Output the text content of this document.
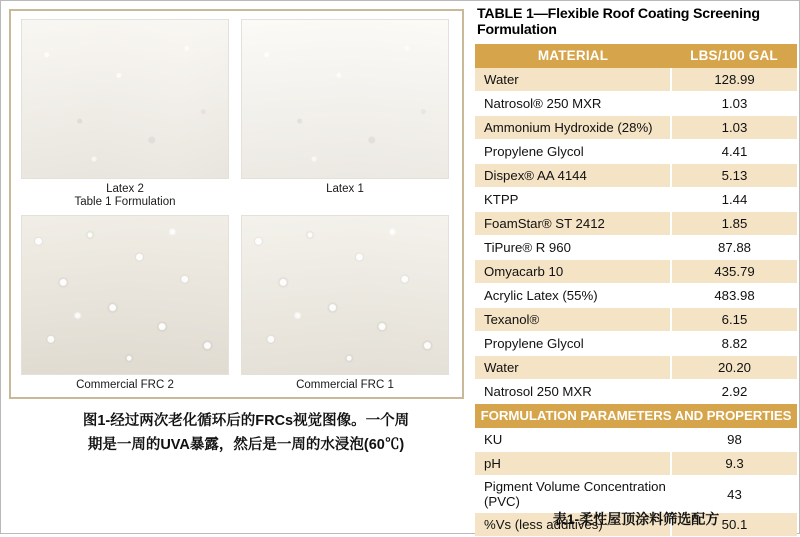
Latex 2
Table 1 Formulation
Latex 1
Commercial FRC 2	Commercial FRC 1
图1-经过两次老化循环后的FRCs视觉图像。一个周
期是一周的UVA暴露，然后是一周的水浸泡(60℃)
TABLE 1—Flexible Roof Coating Screening Formulation	
MATERIAL	LBS/100 GAL
Water	128.99
Natrosol® 250 MXR	1.03
Ammonium Hydroxide (28%)	1.03
Propylene Glycol	4.41
Dispex® AA 4144	5.13
KTPP	1.44
FoamStar® ST 2412	1.85
TiPure® R 960	87.88
Omyacarb 10	435.79
Acrylic Latex (55%)	483.98
Texanol®	6.15
Propylene Glycol	8.82
Water	20.20
Natrosol 250 MXR	2.92
FORMULATION PARAMETERS AND PROPERTIES	
KU	98
pH	9.3
Pigment Volume Concentration (PVC)	43
%Vs (less additives)	50.1
表1-柔性屋顶涂料筛选配方
